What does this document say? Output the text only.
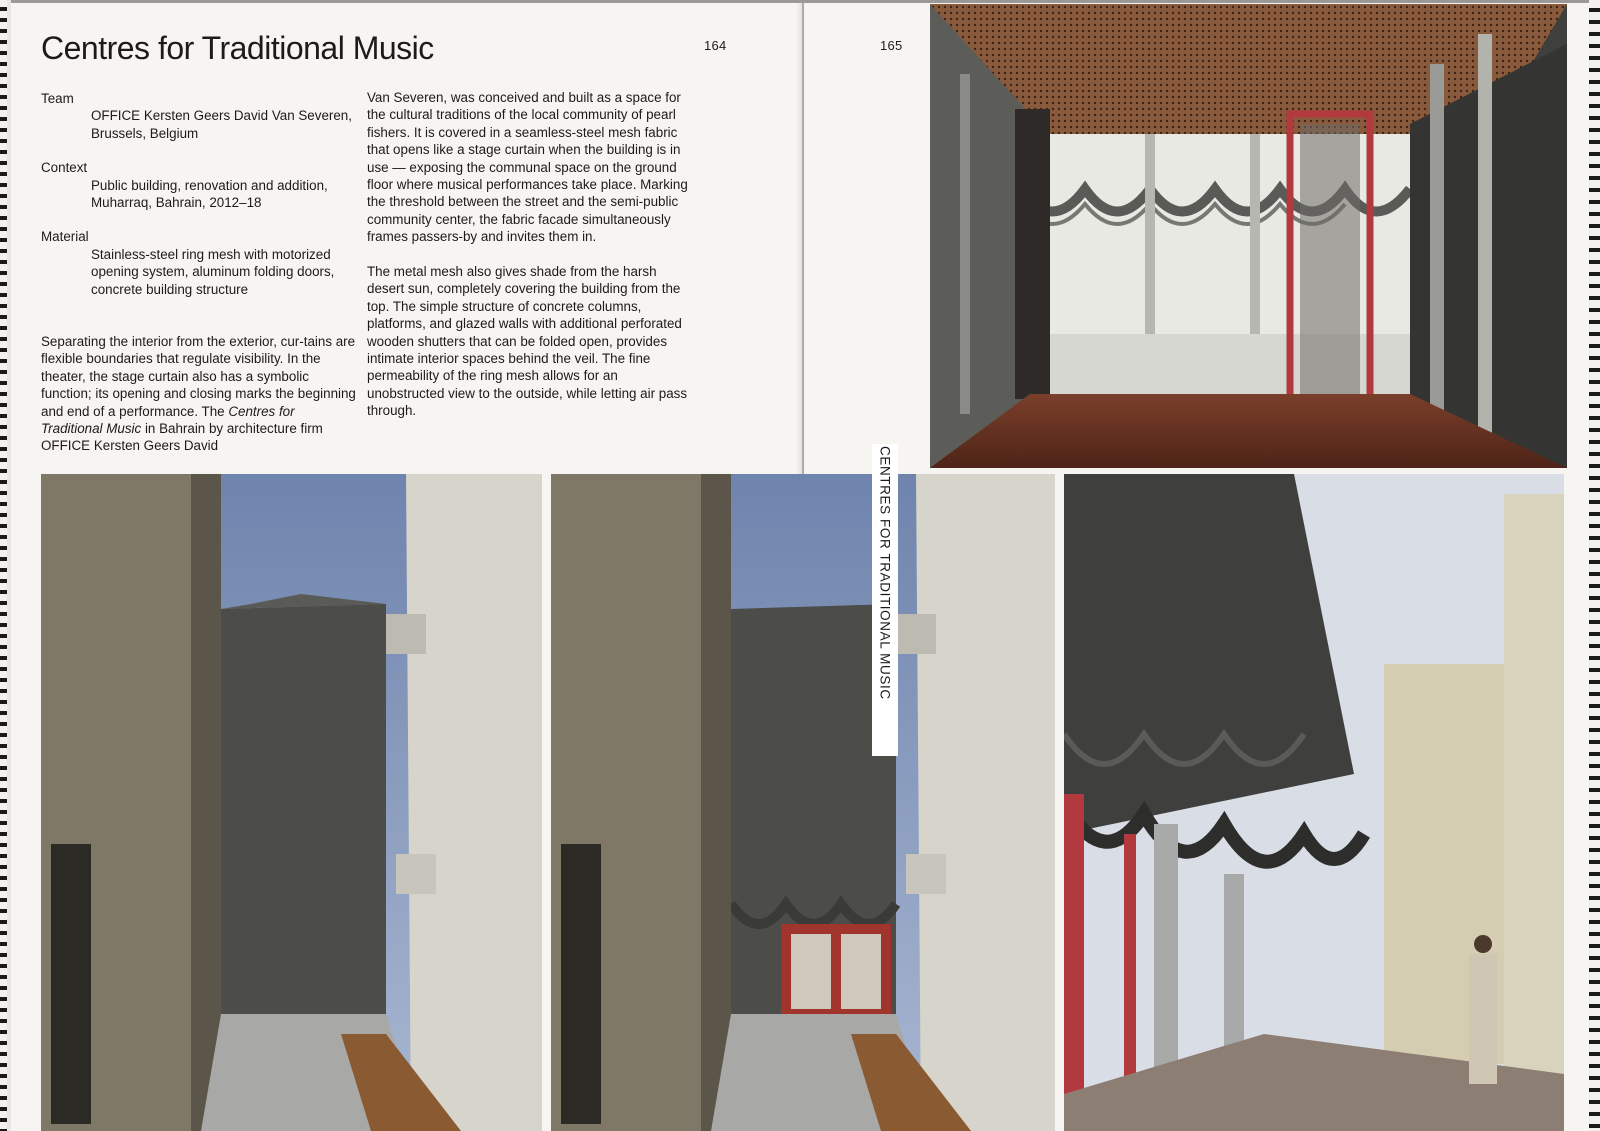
Centres for Traditional Music	164	165
Team
OFFICE Kersten Geers David Van Severen, Brussels, Belgium
Context
Public building, renovation and addition, Muharraq, Bahrain, 2012–18
Material
Stainless-steel ring mesh with motorized opening system, aluminum folding doors, concrete building structure

Separating the interior from the exterior, cur-tains are flexible boundaries that regulate visibility. In the theater, the stage curtain also has a symbolic function; its opening and closing marks the beginning and end of a performance. The Centres for Traditional Music in Bahrain by architecture firm OFFICE Kersten Geers David

Van Severen, was conceived and built as a space for the cultural traditions of the local community of pearl fishers. It is covered in a seamless-steel mesh fabric that opens like a stage curtain when the building is in use — exposing the communal space on the ground floor where musical performances take place. Marking the threshold between the street and the semi-public community center, the fabric facade simultaneously frames passers-by and invites them in.

The metal mesh also gives shade from the harsh desert sun, completely covering the building from the top. The simple structure of concrete columns, platforms, and glazed walls with additional perforated wooden shutters that can be folded open, provides intimate interior spaces behind the veil. The fine permeability of the ring mesh allows for an unobstructed view to the outside, while letting air pass through.

CENTRES FOR TRADITIONAL MUSIC
